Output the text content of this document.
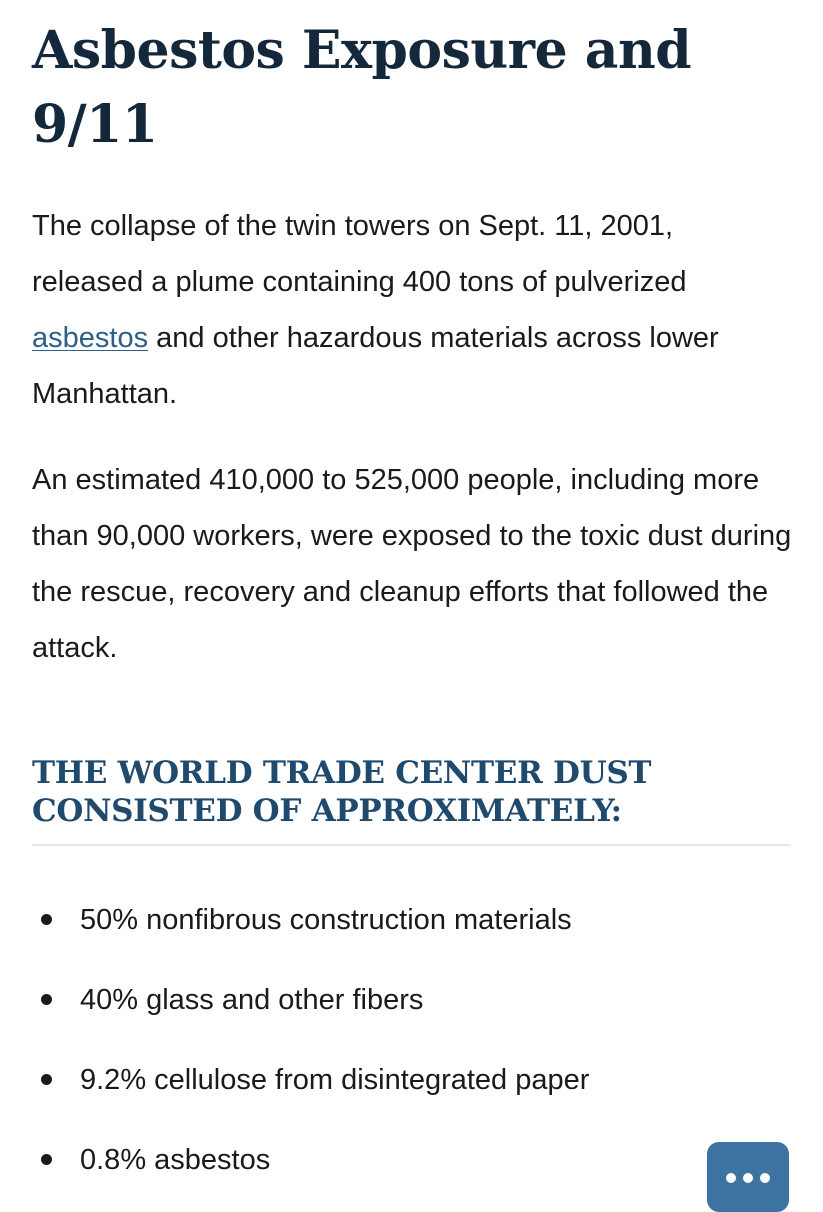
Asbestos Exposure and 9/11

The collapse of the twin towers on Sept. 11, 2001, released a plume containing 400 tons of pulverized asbestos and other hazardous materials across lower Manhattan.

An estimated 410,000 to 525,000 people, including more than 90,000 workers, were exposed to the toxic dust during the rescue, recovery and cleanup efforts that followed the attack.

THE WORLD TRADE CENTER DUST CONSISTED OF APPROXIMATELY:
50% nonfibrous construction materials
40% glass and other fibers
9.2% cellulose from disintegrated paper
0.8% asbestos
